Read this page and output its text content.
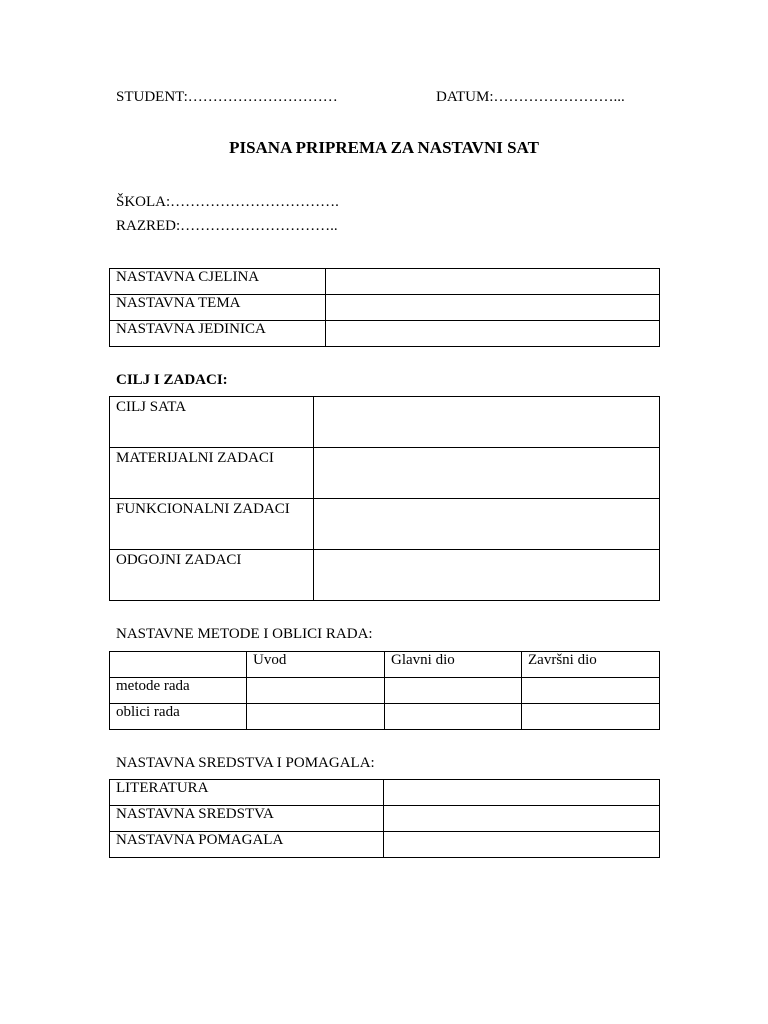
STUDENT:…………………………	DATUM:……………………...
PISANA PRIPREMA ZA NASTAVNI SAT
ŠKOLA:…………………………….
RAZRED:…………………………..
NASTAVNA CJELINA	
NASTAVNA TEMA	
NASTAVNA JEDINICA	
CILJ I ZADACI:
CILJ SATA	
MATERIJALNI ZADACI	
FUNKCIONALNI ZADACI	
ODGOJNI ZADACI	
NASTAVNE METODE I OBLICI RADA:
	Uvod	Glavni dio	Završni dio
metode rada			
oblici rada			
NASTAVNA SREDSTVA I POMAGALA:
LITERATURA	
NASTAVNA SREDSTVA	
NASTAVNA POMAGALA	
